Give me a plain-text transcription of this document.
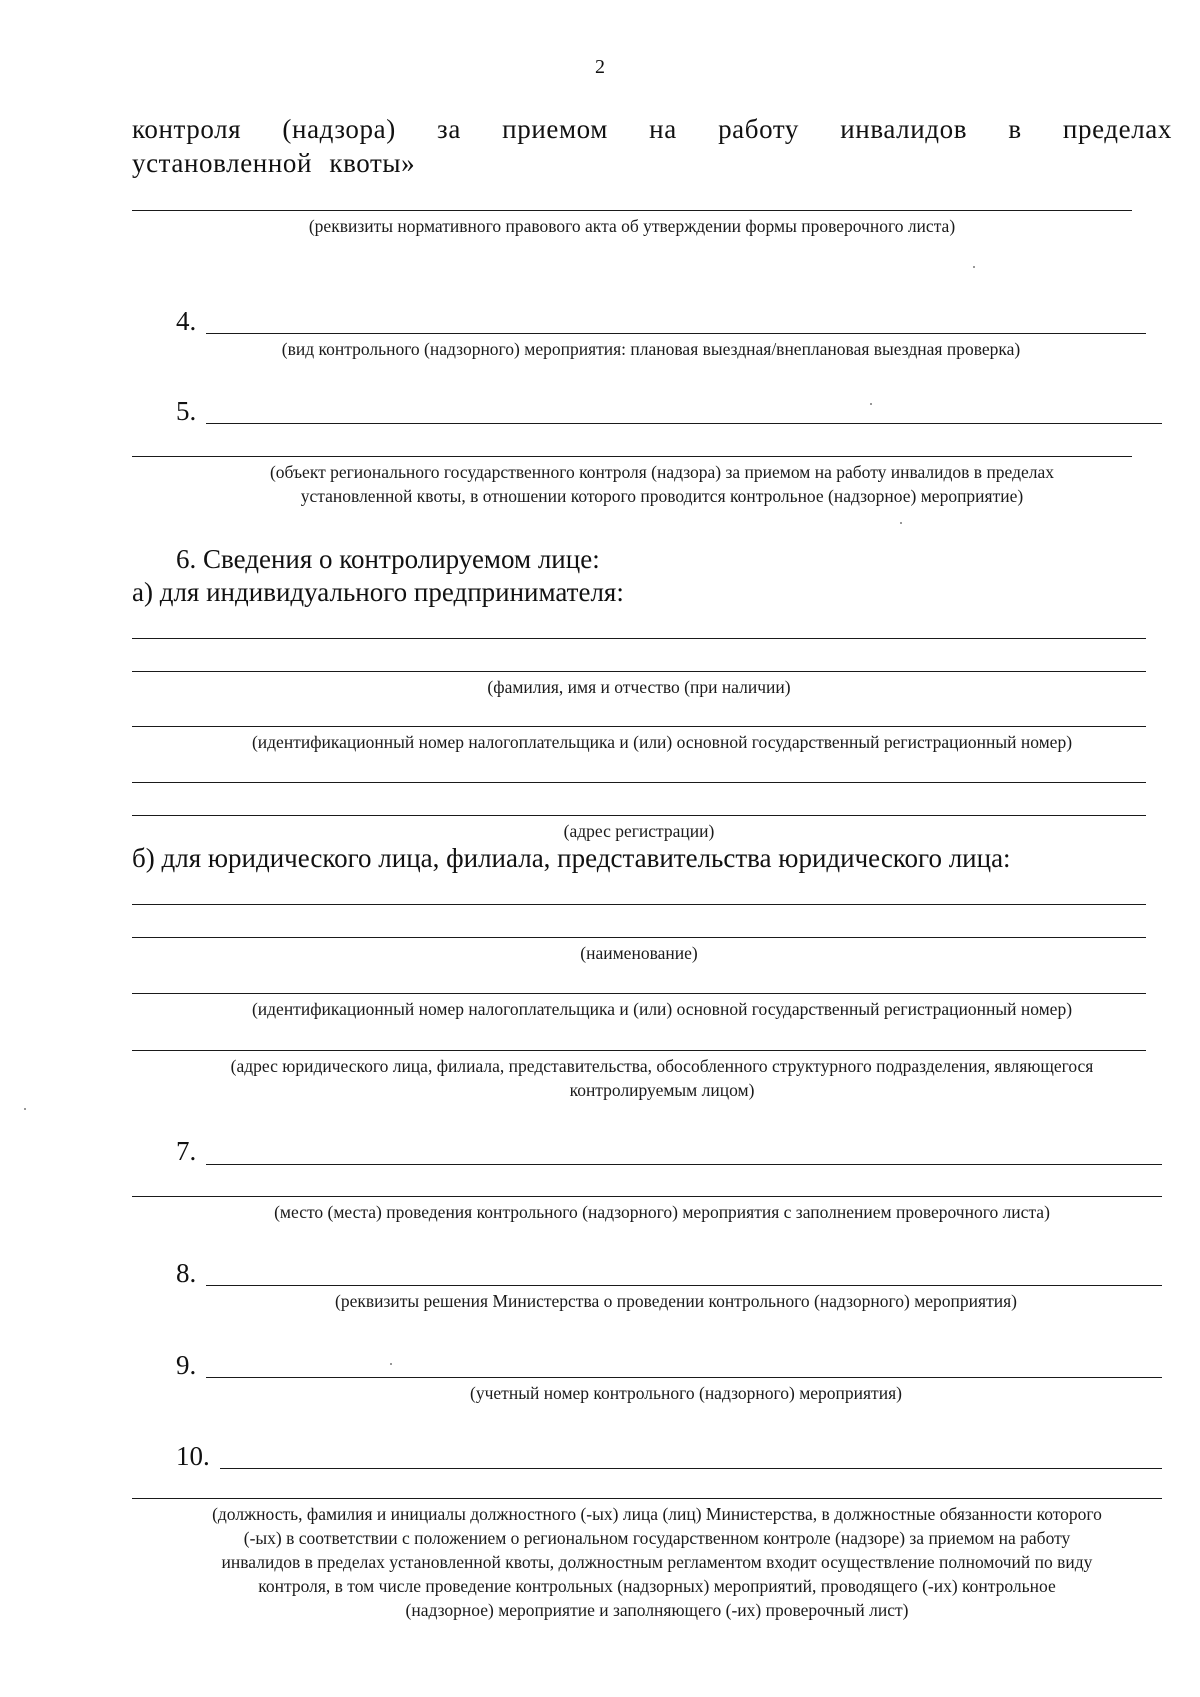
2
контроля (надзора) за приемом на работу инвалидов в пределах установленной квоты»
(реквизиты нормативного правового акта об утверждении формы проверочного листа)
4.
(вид контрольного (надзорного) мероприятия: плановая выездная/внеплановая выездная проверка)
5.
(объект регионального государственного контроля (надзора) за приемом на работу инвалидов в пределах
установленной квоты, в отношении которого проводится контрольное (надзорное) мероприятие)
6. Сведения о контролируемом лице:
а) для индивидуального предпринимателя:
(фамилия, имя и отчество (при наличии)
(идентификационный номер налогоплательщика и (или) основной государственный регистрационный номер)
(адрес регистрации)
б) для юридического лица, филиала, представительства юридического лица:
(наименование)
(идентификационный номер налогоплательщика и (или) основной государственный регистрационный номер)
(адрес юридического лица, филиала, представительства, обособленного структурного подразделения, являющегося
контролируемым лицом)
7.
(место (места) проведения контрольного (надзорного) мероприятия с заполнением проверочного листа)
8.
(реквизиты решения Министерства о проведении контрольного (надзорного) мероприятия)
9.
(учетный номер контрольного (надзорного) мероприятия)
10.
(должность, фамилия и инициалы должностного (-ых) лица (лиц) Министерства, в должностные обязанности которого
(-ых) в соответствии с положением о региональном государственном контроле (надзоре) за приемом на работу
инвалидов в пределах установленной квоты, должностным регламентом входит осуществление полномочий по виду
контроля, в том числе проведение контрольных (надзорных) мероприятий, проводящего (-их) контрольное
(надзорное) мероприятие и заполняющего (-их) проверочный лист)
